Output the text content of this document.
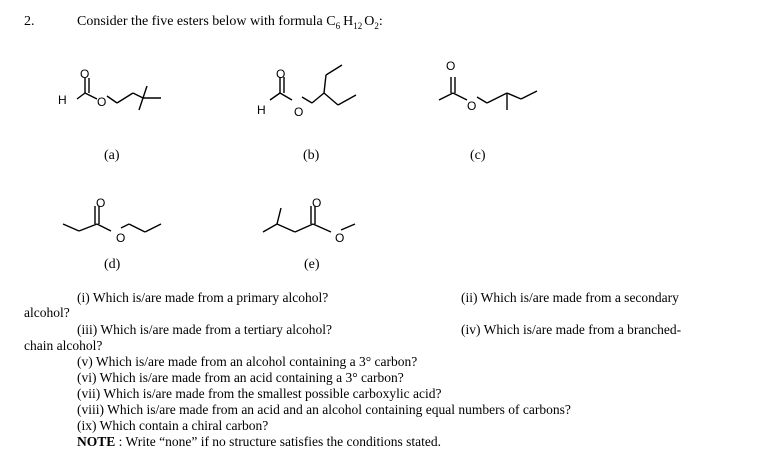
2.	Consider the five esters below with formula $C_6$ $H_{12}$ $O_2$:
H
O
O
(a)
H
O
O
(b)
O
O
(c)
O
O
(d)
O
O
(e)
(i) Which is/are made from a primary alcohol?	(ii) Which is/are made from a secondary
alcohol?
(iii) Which is/are made from a tertiary alcohol?	(iv) Which is/are made from a branched-
chain alcohol?
(v) Which is/are made from an alcohol containing a 3° carbon?
(vi) Which is/are made from an acid containing a 3° carbon?
(vii) Which is/are made from the smallest possible carboxylic acid?
(viii) Which is/are made from an acid and an alcohol containing equal numbers of carbons?
(ix) Which contain a chiral carbon?
NOTE : Write “none” if no structure satisfies the conditions stated.
